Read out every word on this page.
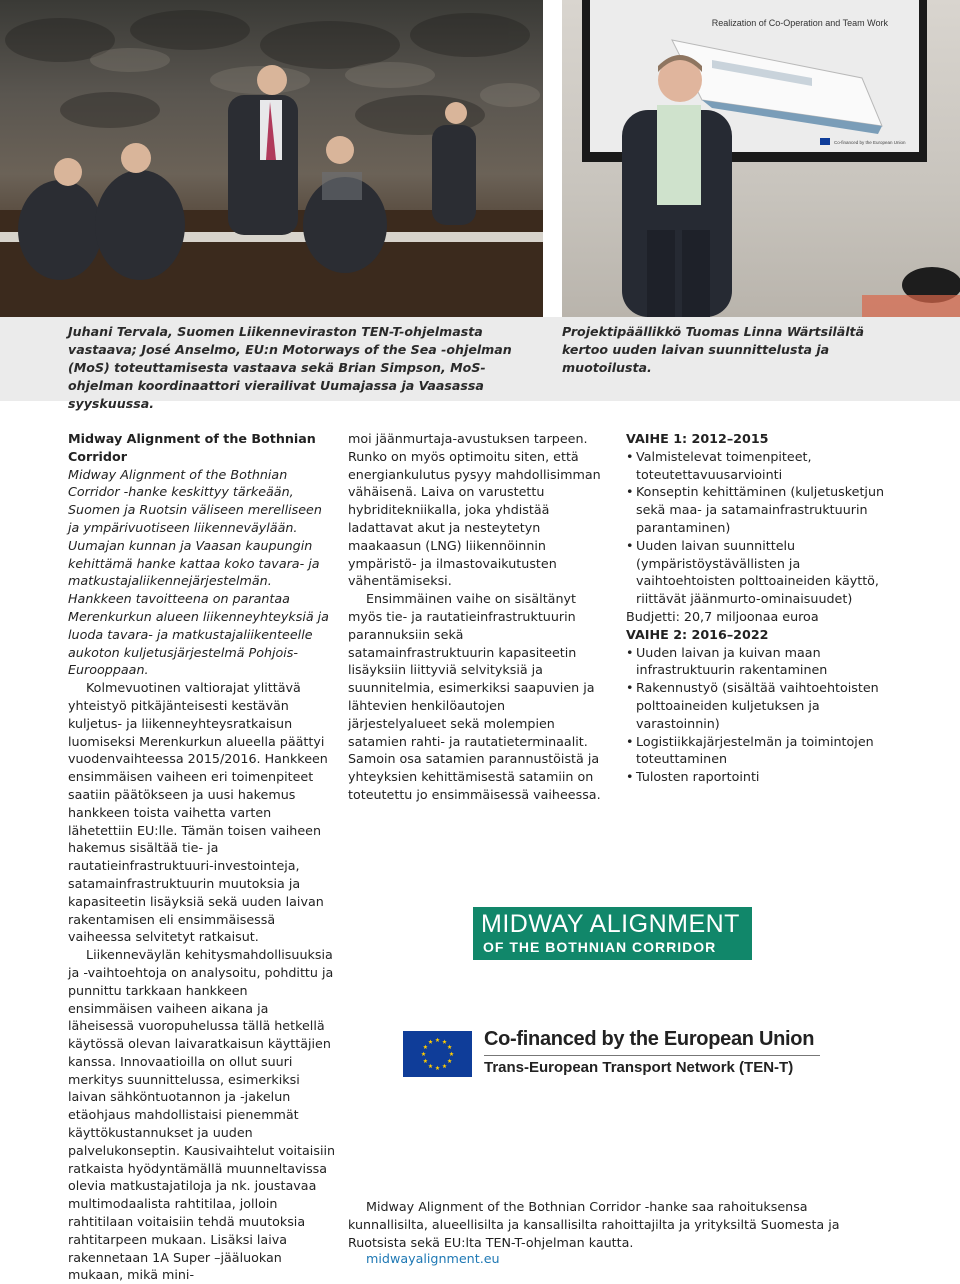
Realization of Co-Operation and Team Work
Co-financed by the European Union

Juhani Tervala, Suomen Liikenneviraston TEN-T-ohjelmasta vastaava; José Anselmo, EU:n Motorways of the Sea -ohjelman (MoS) toteuttamisesta vastaava sekä Brian Simpson, MoS-ohjelman koordinaattori vierailivat Uumajassa ja Vaasassa syyskuussa.

Projektipäällikkö Tuomas Linna Wärtsilältä kertoo uuden laivan suunnittelusta ja muotoilusta.

Midway Alignment of the Bothnian Corridor

Midway Alignment of the Bothnian Corridor -hanke keskittyy tärkeään, Suomen ja Ruotsin väliseen merelliseen ja ympärivuotiseen liikenneväylään. Uumajan kunnan ja Vaasan kaupungin kehittämä hanke kattaa koko tavara- ja matkustajaliikennejärjestelmän. Hankkeen tavoitteena on parantaa Merenkurkun alueen liikenneyhteyksiä ja luoda tavara- ja matkustajaliikenteelle aukoton kuljetusjärjestelmä Pohjois-Eurooppaan.

Kolmevuotinen valtiorajat ylittävä yhteistyö pitkäjänteisesti kestävän kuljetus- ja liikenneyhteysratkaisun luomiseksi Merenkurkun alueella päättyi vuodenvaihteessa 2015/2016. Hankkeen ensimmäisen vaiheen eri toimenpiteet saatiin päätökseen ja uusi hakemus hankkeen toista vaihetta varten lähetettiin EU:lle. Tämän toisen vaiheen hakemus sisältää tie- ja rautatieinfrastruktuuri-investointeja, satamainfrastruktuurin muutoksia ja kapasiteetin lisäyksiä sekä uuden laivan rakentamisen eli ensimmäisessä vaiheessa selvitetyt ratkaisut.

Liikenneväylän kehitysmahdollisuuksia ja -vaihtoehtoja on analysoitu, pohdittu ja punnittu tarkkaan hankkeen ensimmäisen vaiheen aikana ja läheisessä vuoropuhelussa tällä hetkellä käytössä olevan laivaratkaisun käyttäjien kanssa. Innovaatioilla on ollut suuri merkitys suunnittelussa, esimerkiksi laivan sähköntuotannon ja -jakelun etäohjaus mahdollistaisi pienemmät käyttökustannukset ja uuden palvelukonseptin. Kausivaihtelut voitaisiin ratkaista hyödyntämällä muunneltavissa olevia matkustajatiloja ja nk. joustavaa multimodaalista rahtitilaa, jolloin rahtitilaan voitaisiin tehdä muutoksia rahtitarpeen mukaan. Lisäksi laiva rakennetaan 1A Super –jääluokan mukaan, mikä mini-

moi jäänmurtaja-avustuksen tarpeen. Runko on myös optimoitu siten, että energiankulutus pysyy mahdollisimman vähäisenä. Laiva on varustettu hybriditekniikalla, joka yhdistää ladattavat akut ja nesteytetyn maakaasun (LNG) liikennöinnin ympäristö- ja ilmastovaikutusten vähentämiseksi.

Ensimmäinen vaihe on sisältänyt myös tie- ja rautatieinfrastruktuurin parannuksiin sekä satamainfrastruktuurin kapasiteetin lisäyksiin liittyviä selvityksiä ja suunnitelmia, esimerkiksi saapuvien ja lähtevien henkilöautojen järjestelyalueet sekä molempien satamien rahti- ja rautatieterminaalit. Samoin osa satamien parannustöistä ja yhteyksien kehittämisestä satamiin on toteutettu jo ensimmäisessä vaiheessa.

VAIHE 1: 2012–2015

• Valmistelevat toimenpiteet, toteutettavuusarviointi
• Konseptin kehittäminen (kuljetusketjun sekä maa- ja satamainfrastruktuurin parantaminen)
• Uuden laivan suunnittelu (ympäristöystävällisten ja vaihtoehtoisten polttoaineiden käyttö, riittävät jäänmurto-ominaisuudet)

Budjetti: 20,7 miljoonaa euroa

VAIHE 2: 2016–2022

• Uuden laivan ja kuivan maan infrastruktuurin rakentaminen
• Rakennustyö (sisältää vaihtoehtoisten polttoaineiden kuljetuksen ja varastoinnin)
• Logistiikkajärjestelmän ja toimintojen toteuttaminen
• Tulosten raportointi
MIDWAY ALIGNMENT
OF THE BOTHNIAN CORRIDOR
Co-financed by the European Union
Trans-European Transport Network (TEN-T)

Midway Alignment of the Bothnian Corridor -hanke saa rahoituksensa kunnallisilta, alueellisilta ja kansallisilta rahoittajilta ja yrityksiltä Suomesta ja Ruotsista sekä EU:lta TEN-T-ohjelman kautta.

midwayalignment.eu
